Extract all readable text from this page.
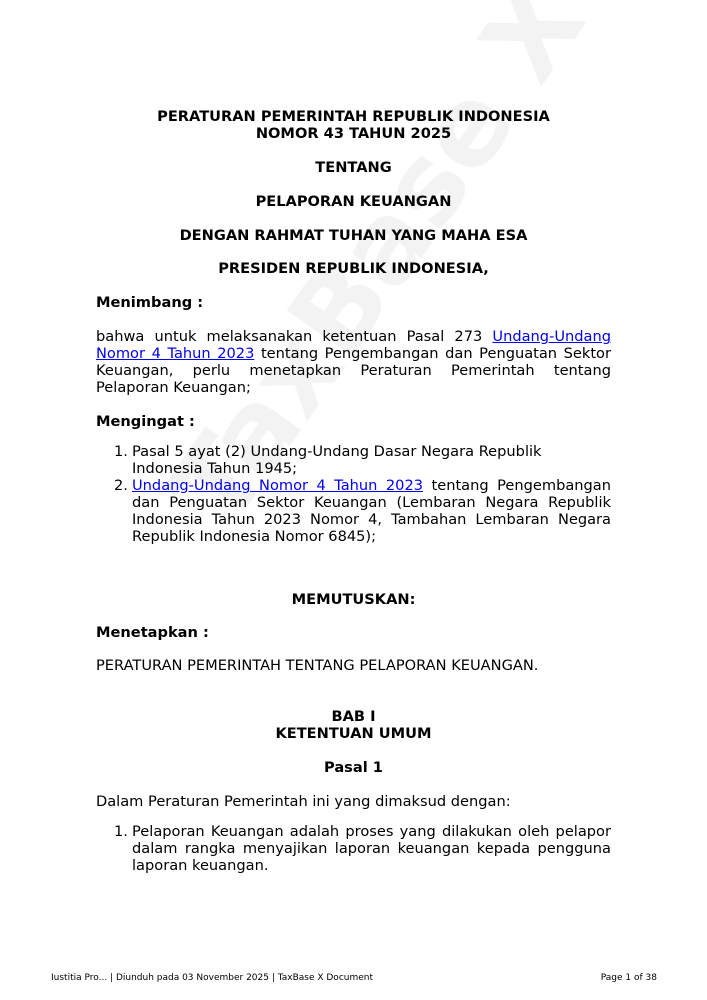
PERATURAN PEMERINTAH REPUBLIK INDONESIA
NOMOR 43 TAHUN 2025
TENTANG
PELAPORAN KEUANGAN
DENGAN RAHMAT TUHAN YANG MAHA ESA
PRESIDEN REPUBLIK INDONESIA,
Menimbang :
bahwa untuk melaksanakan ketentuan Pasal 273 Undang-Undang Nomor 4 Tahun 2023 tentang Pengembangan dan Penguatan Sektor Keuangan, perlu menetapkan Peraturan Pemerintah tentang Pelaporan Keuangan;
Mengingat :
1. Pasal 5 ayat (2) Undang-Undang Dasar Negara Republik Indonesia Tahun 1945;
2. Undang-Undang Nomor 4 Tahun 2023 tentang Pengembangan dan Penguatan Sektor Keuangan (Lembaran Negara Republik Indonesia Tahun 2023 Nomor 4, Tambahan Lembaran Negara Republik Indonesia Nomor 6845);
MEMUTUSKAN:
Menetapkan :
PERATURAN PEMERINTAH TENTANG PELAPORAN KEUANGAN.
BAB I
KETENTUAN UMUM
Pasal 1
Dalam Peraturan Pemerintah ini yang dimaksud dengan:
1. Pelaporan Keuangan adalah proses yang dilakukan oleh pelapor dalam rangka menyajikan laporan keuangan kepada pengguna laporan keuangan.
Iustitia Pro... | Diunduh pada 03 November 2025 | TaxBase X Document	Page 1 of 38
